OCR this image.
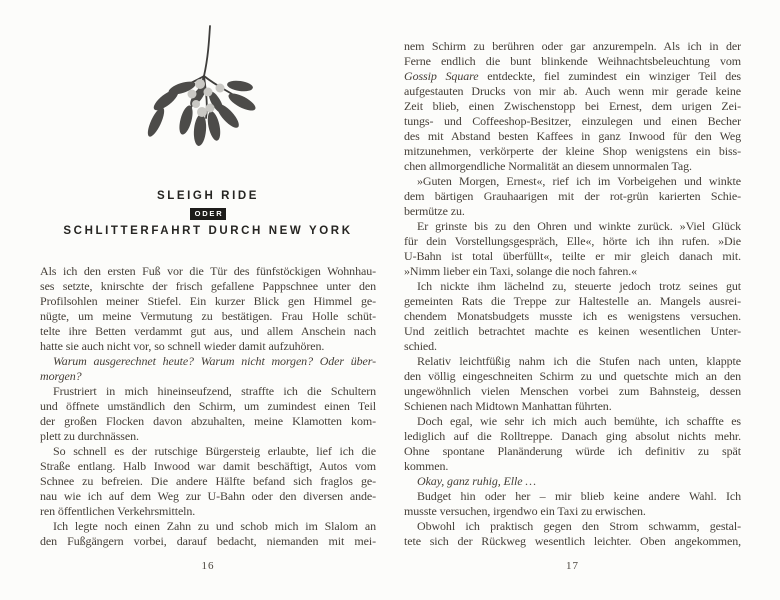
SLEIGH RIDE
ODER
SCHLITTERFAHRT DURCH NEW YORK
Als ich den ersten Fuß vor die Tür des fünfstöckigen Wohnhau-
ses setzte, knirschte der frisch gefallene Pappschnee unter den
Profilsohlen meiner Stiefel. Ein kurzer Blick gen Himmel ge-
nügte, um meine Vermutung zu bestätigen. Frau Holle schüt-
telte ihre Betten verdammt gut aus, und allem Anschein nach
hatte sie auch nicht vor, so schnell wieder damit aufzuhören.
Warum ausgerechnet heute? Warum nicht morgen? Oder über-
morgen?
Frustriert in mich hineinseufzend, straffte ich die Schultern
und öffnete umständlich den Schirm, um zumindest einen Teil
der großen Flocken davon abzuhalten, meine Klamotten kom-
plett zu durchnässen.
So schnell es der rutschige Bürgersteig erlaubte, lief ich die
Straße entlang. Halb Inwood war damit beschäftigt, Autos vom
Schnee zu befreien. Die andere Hälfte befand sich fraglos ge-
nau wie ich auf dem Weg zur U-Bahn oder den diversen ande-
ren öffentlichen Verkehrsmitteln.
Ich legte noch einen Zahn zu und schob mich im Slalom an
den Fußgängern vorbei, darauf bedacht, niemanden mit mei-
16
nem Schirm zu berühren oder gar anzurempeln. Als ich in der
Ferne endlich die bunt blinkende Weihnachtsbeleuchtung vom
Gossip Square entdeckte, fiel zumindest ein winziger Teil des
aufgestauten Drucks von mir ab. Auch wenn mir gerade keine
Zeit blieb, einen Zwischenstopp bei Ernest, dem urigen Zei-
tungs- und Coffeeshop-Besitzer, einzulegen und einen Becher
des mit Abstand besten Kaffees in ganz Inwood für den Weg
mitzunehmen, verkörperte der kleine Shop wenigstens ein biss-
chen allmorgendliche Normalität an diesem unnormalen Tag.
»Guten Morgen, Ernest«, rief ich im Vorbeigehen und winkte
dem bärtigen Grauhaarigen mit der rot-grün karierten Schie-
bermütze zu.
Er grinste bis zu den Ohren und winkte zurück. »Viel Glück
für dein Vorstellungsgespräch, Elle«, hörte ich ihn rufen. »Die
U-Bahn ist total überfüllt«, teilte er mir gleich danach mit.
»Nimm lieber ein Taxi, solange die noch fahren.«
Ich nickte ihm lächelnd zu, steuerte jedoch trotz seines gut
gemeinten Rats die Treppe zur Haltestelle an. Mangels ausrei-
chendem Monatsbudgets musste ich es wenigstens versuchen.
Und zeitlich betrachtet machte es keinen wesentlichen Unter-
schied.
Relativ leichtfüßig nahm ich die Stufen nach unten, klappte
den völlig eingeschneiten Schirm zu und quetschte mich an den
ungewöhnlich vielen Menschen vorbei zum Bahnsteig, dessen
Schienen nach Midtown Manhattan führten.
Doch egal, wie sehr ich mich auch bemühte, ich schaffte es
lediglich auf die Rolltreppe. Danach ging absolut nichts mehr.
Ohne spontane Planänderung würde ich definitiv zu spät
kommen.
Okay, ganz ruhig, Elle …
Budget hin oder her – mir blieb keine andere Wahl. Ich
musste versuchen, irgendwo ein Taxi zu erwischen.
Obwohl ich praktisch gegen den Strom schwamm, gestal-
tete sich der Rückweg wesentlich leichter. Oben angekommen,
17
